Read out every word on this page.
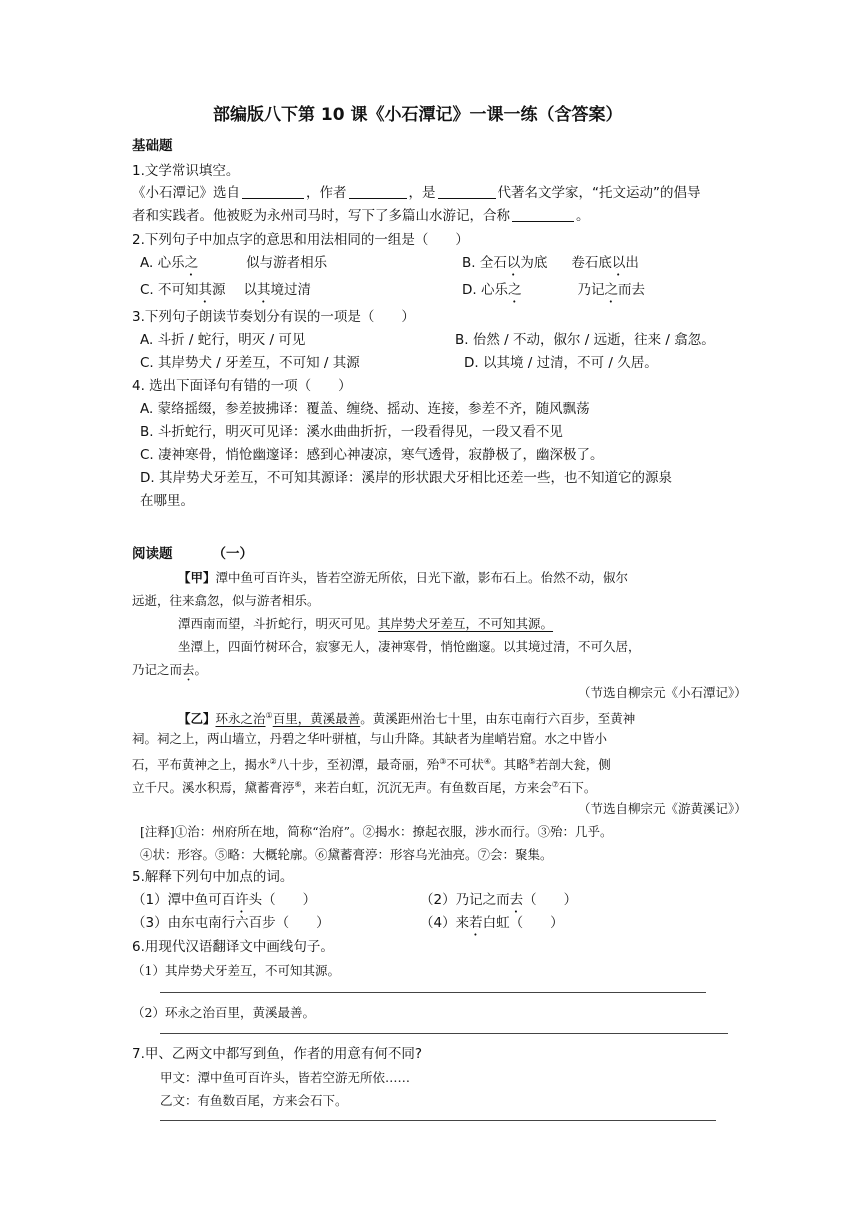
部编版八下第 10 课《小石潭记》一课一练（含答案）
基础题
1.文学常识填空。
《小石潭记》选自	，作者	，是	代著名文学家，“托文运动”的倡导
者和实践者。他被贬为永州司马时，写下了多篇山水游记，合称	。
2.下列句子中加点字的意思和用法相同的一组是（　　）
A. 心乐之	似与游者相乐	B. 全石以为底 卷石底以出
C. 不可知其源 以其境过清	D. 心乐之	乃记之而去
3.下列句子朗读节奏划分有误的一项是（　　）
A. 斗折 / 蛇行，明灭 / 可见	B. 佁然 / 不动，俶尔 / 远逝，往来 / 翕忽。
C. 其岸势犬 / 牙差互，不可知 / 其源	D. 以其境 / 过清，不可 / 久居。
4. 选出下面译句有错的一项（　　）
A. 蒙络摇缀，参差披拂译：覆盖、缠绕、摇动、连接，参差不齐，随风飘荡
B. 斗折蛇行，明灭可见译：溪水曲曲折折，一段看得见，一段又看不见
C. 凄神寒骨，悄怆幽邃译：感到心神凄凉，寒气透骨，寂静极了，幽深极了。
D. 其岸势犬牙差互，不可知其源译：溪岸的形状跟犬牙相比还差一些，也不知道它的源泉
在哪里。
阅读题	（一）
【甲】潭中鱼可百许头，皆若空游无所依，日光下澈，影布石上。佁然不动，俶尔
远逝，往来翕忽，似与游者相乐。
潭西南而望，斗折蛇行，明灭可见。其岸势犬牙差互，不可知其源。
坐潭上，四面竹树环合，寂寥无人，凄神寒骨，悄怆幽邃。以其境过清，不可久居，
乃记之而去。
（节选自柳宗元《小石潭记》）
【乙】环永之治①百里，黄溪最善。黄溪距州治七十里，由东屯南行六百步，至黄神
祠。祠之上，两山墙立，丹碧之华叶骈植，与山升降。其缺者为崖峭岩窟。水之中皆小
石，平布黄神之上，揭水②八十步，至初潭，最奇丽，殆③不可状④。其略⑤若剖大瓮，侧
立千尺。溪水积焉，黛蓄膏渟⑥，来若白虹，沉沉无声。有鱼数百尾，方来会⑦石下。
（节选自柳宗元《游黄溪记》）
[注释]①治：州府所在地，简称“治府”。②揭水：撩起衣服，涉水而行。③殆：几乎。
④状：形容。⑤略：大概轮廓。⑥黛蓄膏渟：形容乌光油亮。⑦会：聚集。
5.解释下列句中加点的词。
（1）潭中鱼可百许头（　　）	（2）乃记之而去（　　）
（3）由东屯南行六百步（　　）	（4）来若白虹（　　）
6.用现代汉语翻译文中画线句子。
（1）其岸势犬牙差互，不可知其源。
（2）环永之治百里，黄溪最善。
7.甲、乙两文中都写到鱼，作者的用意有何不同?
甲文：潭中鱼可百许头，皆若空游无所依……
乙文：有鱼数百尾，方来会石下。
